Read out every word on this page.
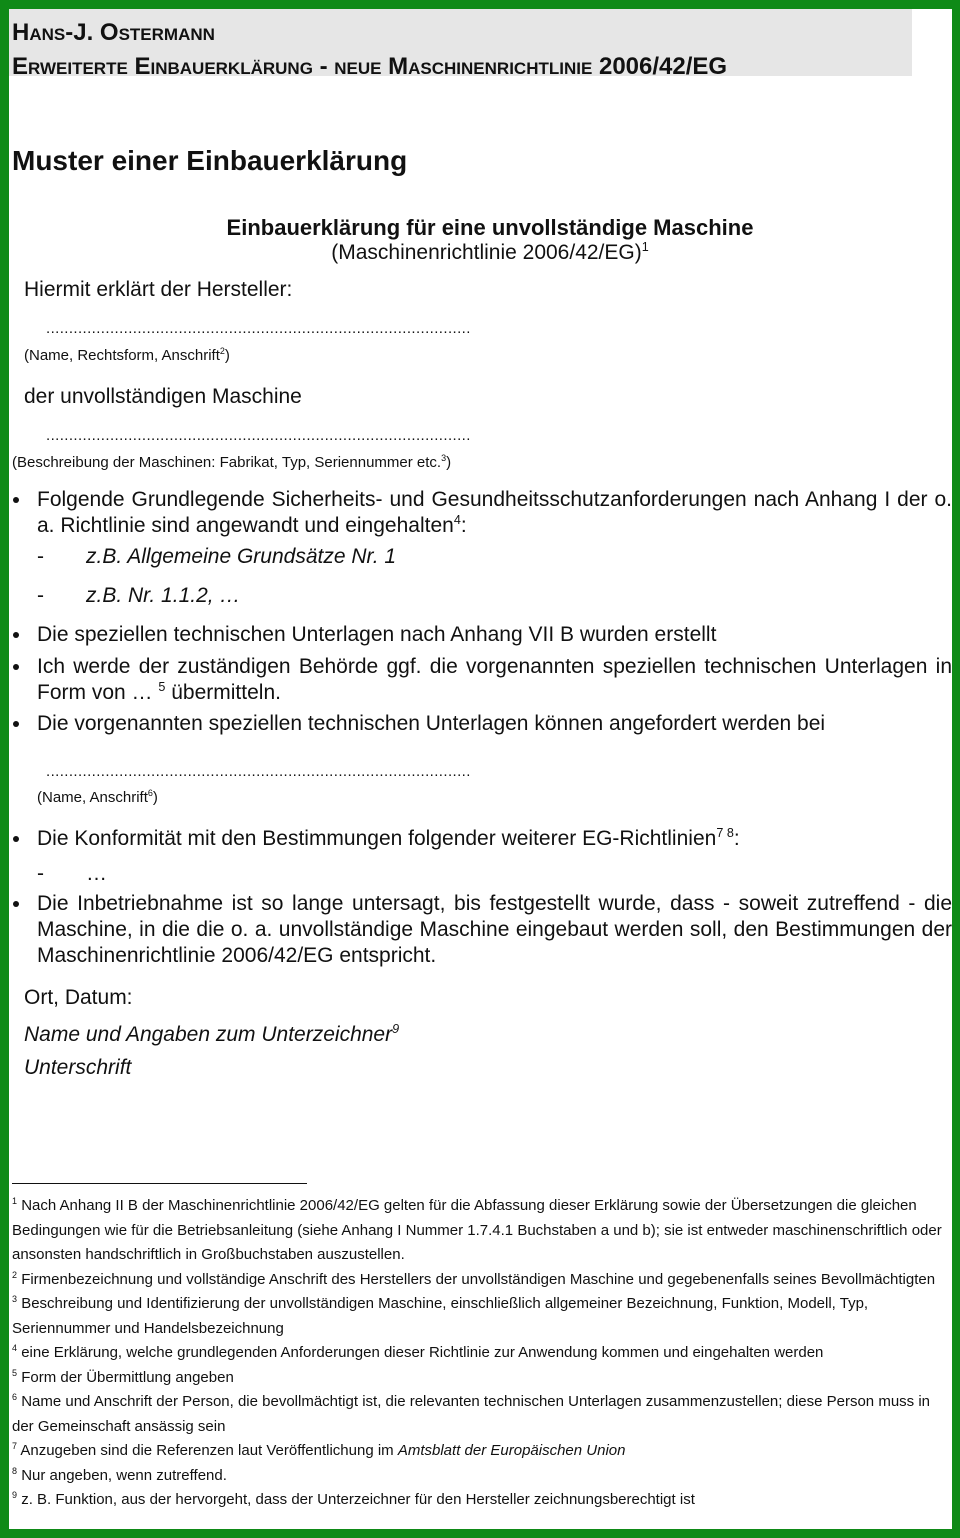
Hans-J. Ostermann
Erweiterte Einbauerklärung - neue Maschinenrichtlinie 2006/42/EG
Muster einer Einbauerklärung
Einbauerklärung für eine unvollständige Maschine
(Maschinenrichtlinie 2006/42/EG)$^1$
Hiermit erklärt der Hersteller:
.............................................................................................
(Name, Rechtsform, Anschrift$^2$)
der unvollständigen Maschine
.............................................................................................
(Beschreibung der Maschinen: Fabrikat, Typ, Seriennummer etc.$^3$)
Folgende Grundlegende Sicherheits- und Gesundheitsschutzanforderungen nach Anhang I der o. a. Richtlinie sind angewandt und eingehalten$^4$:
- z.B. Allgemeine Grundsätze Nr. 1
- z.B. Nr. 1.1.2, …
Die speziellen technischen Unterlagen nach Anhang VII B wurden erstellt
Ich werde der zuständigen Behörde ggf. die vorgenannten speziellen technischen Unterlagen in Form von … $^5$ übermitteln.
Die vorgenannten speziellen technischen Unterlagen können angefordert werden bei
.............................................................................................
(Name, Anschrift$^6$)
Die Konformität mit den Bestimmungen folgender weiterer EG-Richtlinien$^{7 8}$:
- …
Die Inbetriebnahme ist so lange untersagt, bis festgestellt wurde, dass - soweit zutreffend - die Maschine, in die die o. a. unvollständige Maschine eingebaut werden soll, den Bestimmungen der Maschinenrichtlinie 2006/42/EG entspricht.
Ort, Datum:
Name und Angaben zum Unterzeichner$^9$
Unterschrift
$^1$ Nach Anhang II B der Maschinenrichtlinie 2006/42/EG gelten für die Abfassung dieser Erklärung sowie der Übersetzungen die gleichen Bedingungen wie für die Betriebsanleitung (siehe Anhang I Nummer 1.7.4.1 Buchstaben a und b); sie ist entweder maschinenschriftlich oder ansonsten handschriftlich in Großbuchstaben auszustellen.
$^2$ Firmenbezeichnung und vollständige Anschrift des Herstellers der unvollständigen Maschine und gegebenenfalls seines Bevollmächtigten
$^3$ Beschreibung und Identifizierung der unvollständigen Maschine, einschließlich allgemeiner Bezeichnung, Funktion, Modell, Typ, Seriennummer und Handelsbezeichnung
$^4$ eine Erklärung, welche grundlegenden Anforderungen dieser Richtlinie zur Anwendung kommen und eingehalten werden
$^5$ Form der Übermittlung angeben
$^6$ Name und Anschrift der Person, die bevollmächtigt ist, die relevanten technischen Unterlagen zusammenzustellen; diese Person muss in der Gemeinschaft ansässig sein
$^7$ Anzugeben sind die Referenzen laut Veröffentlichung im Amtsblatt der Europäischen Union
$^8$ Nur angeben, wenn zutreffend.
$^9$ z. B. Funktion, aus der hervorgeht, dass der Unterzeichner für den Hersteller zeichnungsberechtigt ist
